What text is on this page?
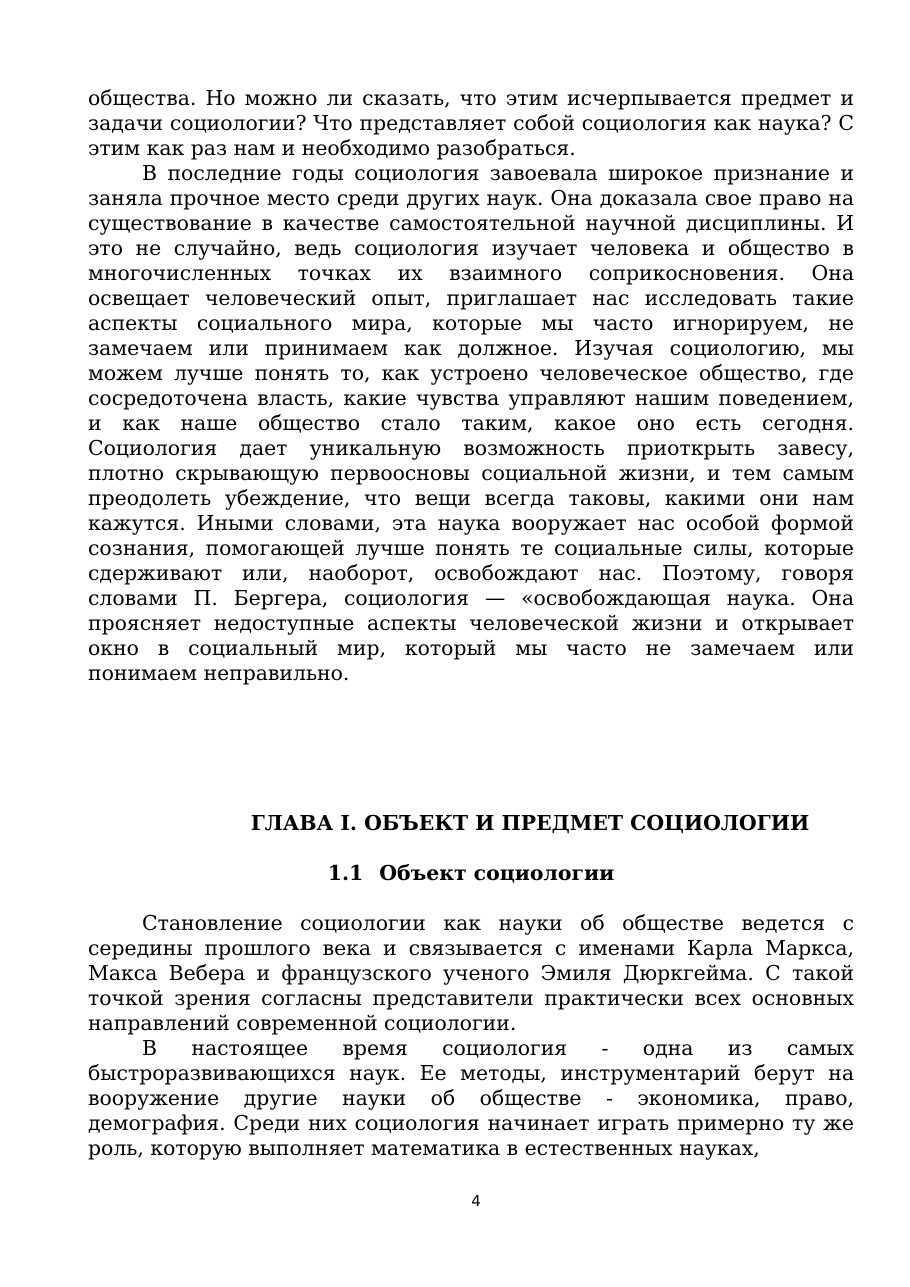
общества. Но можно ли сказать, что этим исчерпывается предмет и задачи социологии? Что представляет собой социология как наука? С этим как раз нам и необходимо разобраться.

В последние годы социология завоевала широкое признание и заняла прочное место среди других наук. Она доказала свое право на существование в качестве самостоятельной научной дисциплины. И это не случайно, ведь социология изучает человека и общество в многочисленных точках их взаимного соприкосновения. Она освещает человеческий опыт, приглашает нас исследовать такие аспекты социального мира, которые мы часто игнорируем, не замечаем или принимаем как должное. Изучая социологию, мы можем лучше понять то, как устроено человеческое общество, где сосредоточена власть, какие чувства управляют нашим поведением, и как наше общество стало таким, какое оно есть сегодня. Социология дает уникальную возможность приоткрыть завесу, плотно скрывающую первоосновы социальной жизни, и тем самым преодолеть убеждение, что вещи всегда таковы, какими они нам кажутся. Иными словами, эта наука вооружает нас особой формой сознания, помогающей лучше понять те социальные силы, которые сдерживают или, наоборот, освобождают нас. Поэтому, говоря словами П. Бергера, социология — «освобождающая наука. Она проясняет недоступные аспекты человеческой жизни и открывает окно в социальный мир, который мы часто не замечаем или понимаем неправильно.

ГЛАВА I. ОБЪЕКТ И ПРЕДМЕТ СОЦИОЛОГИИ
1.1 Объект социологии

Становление социологии как науки об обществе ведется с середины прошлого века и связывается с именами Карла Маркса, Макса Вебера и французского ученого Эмиля Дюркгейма. С такой точкой зрения согласны представители практически всех основных направлений современной социологии.

В настоящее время социология - одна из самых быстроразвивающихся наук. Ее методы, инструментарий берут на вооружение другие науки об обществе - экономика, право, демография. Среди них социология начинает играть примерно ту же роль, которую выполняет математика в естественных науках,

4
